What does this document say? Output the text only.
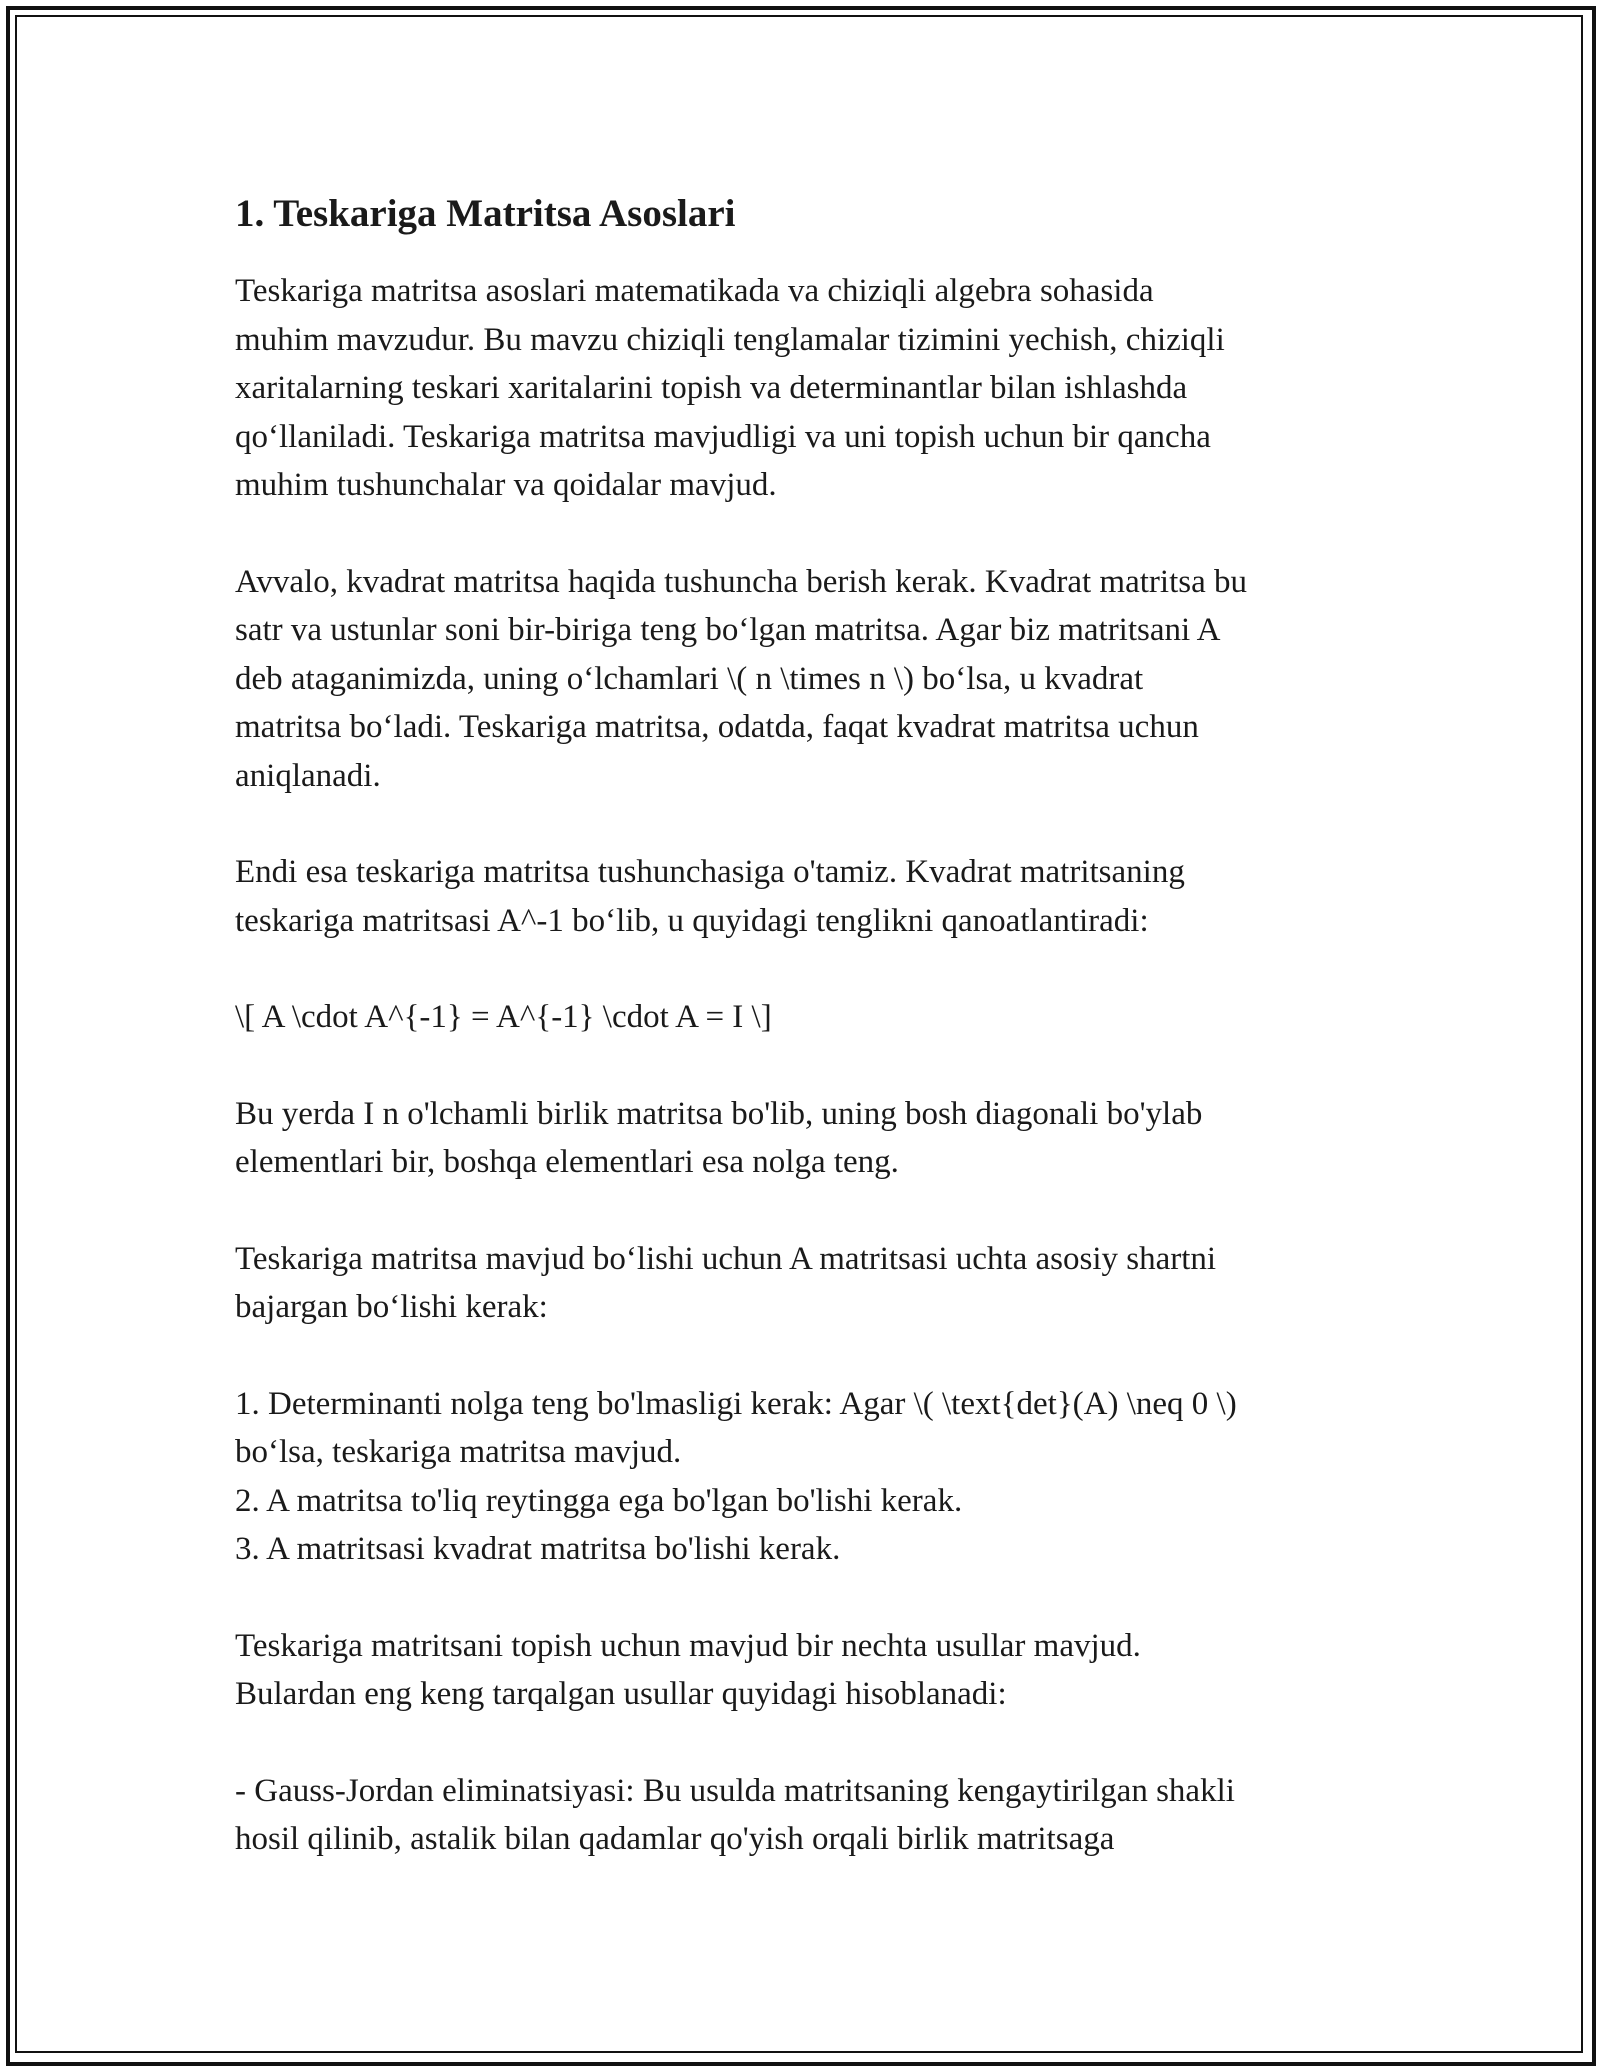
1. Teskariga Matritsa Asoslari

Teskariga matritsa asoslari matematikada va chiziqli algebra sohasida
muhim mavzudur. Bu mavzu chiziqli tenglamalar tizimini yechish, chiziqli
xaritalarning teskari xaritalarini topish va determinantlar bilan ishlashda
qo‘llaniladi. Teskariga matritsa mavjudligi va uni topish uchun bir qancha
muhim tushunchalar va qoidalar mavjud.

Avvalo, kvadrat matritsa haqida tushuncha berish kerak. Kvadrat matritsa bu
satr va ustunlar soni bir-biriga teng bo‘lgan matritsa. Agar biz matritsani A
deb ataganimizda, uning o‘lchamlari \( n \times n \) bo‘lsa, u kvadrat
matritsa bo‘ladi. Teskariga matritsa, odatda, faqat kvadrat matritsa uchun
aniqlanadi.

Endi esa teskariga matritsa tushunchasiga o'tamiz. Kvadrat matritsaning
teskariga matritsasi A^-1 bo‘lib, u quyidagi tenglikni qanoatlantiradi:

\[ A \cdot A^{-1} = A^{-1} \cdot A = I \]

Bu yerda I n o'lchamli birlik matritsa bo'lib, uning bosh diagonali bo'ylab
elementlari bir, boshqa elementlari esa nolga teng.

Teskariga matritsa mavjud bo‘lishi uchun A matritsasi uchta asosiy shartni
bajargan bo‘lishi kerak:

1. Determinanti nolga teng bo'lmasligi kerak: Agar \( \text{det}(A) \neq 0 \)
bo‘lsa, teskariga matritsa mavjud.
2. A matritsa to'liq reytingga ega bo'lgan bo'lishi kerak.
3. A matritsasi kvadrat matritsa bo'lishi kerak.

Teskariga matritsani topish uchun mavjud bir nechta usullar mavjud.
Bulardan eng keng tarqalgan usullar quyidagi hisoblanadi:

- Gauss-Jordan eliminatsiyasi: Bu usulda matritsaning kengaytirilgan shakli
hosil qilinib, astalik bilan qadamlar qo'yish orqali birlik matritsaga
